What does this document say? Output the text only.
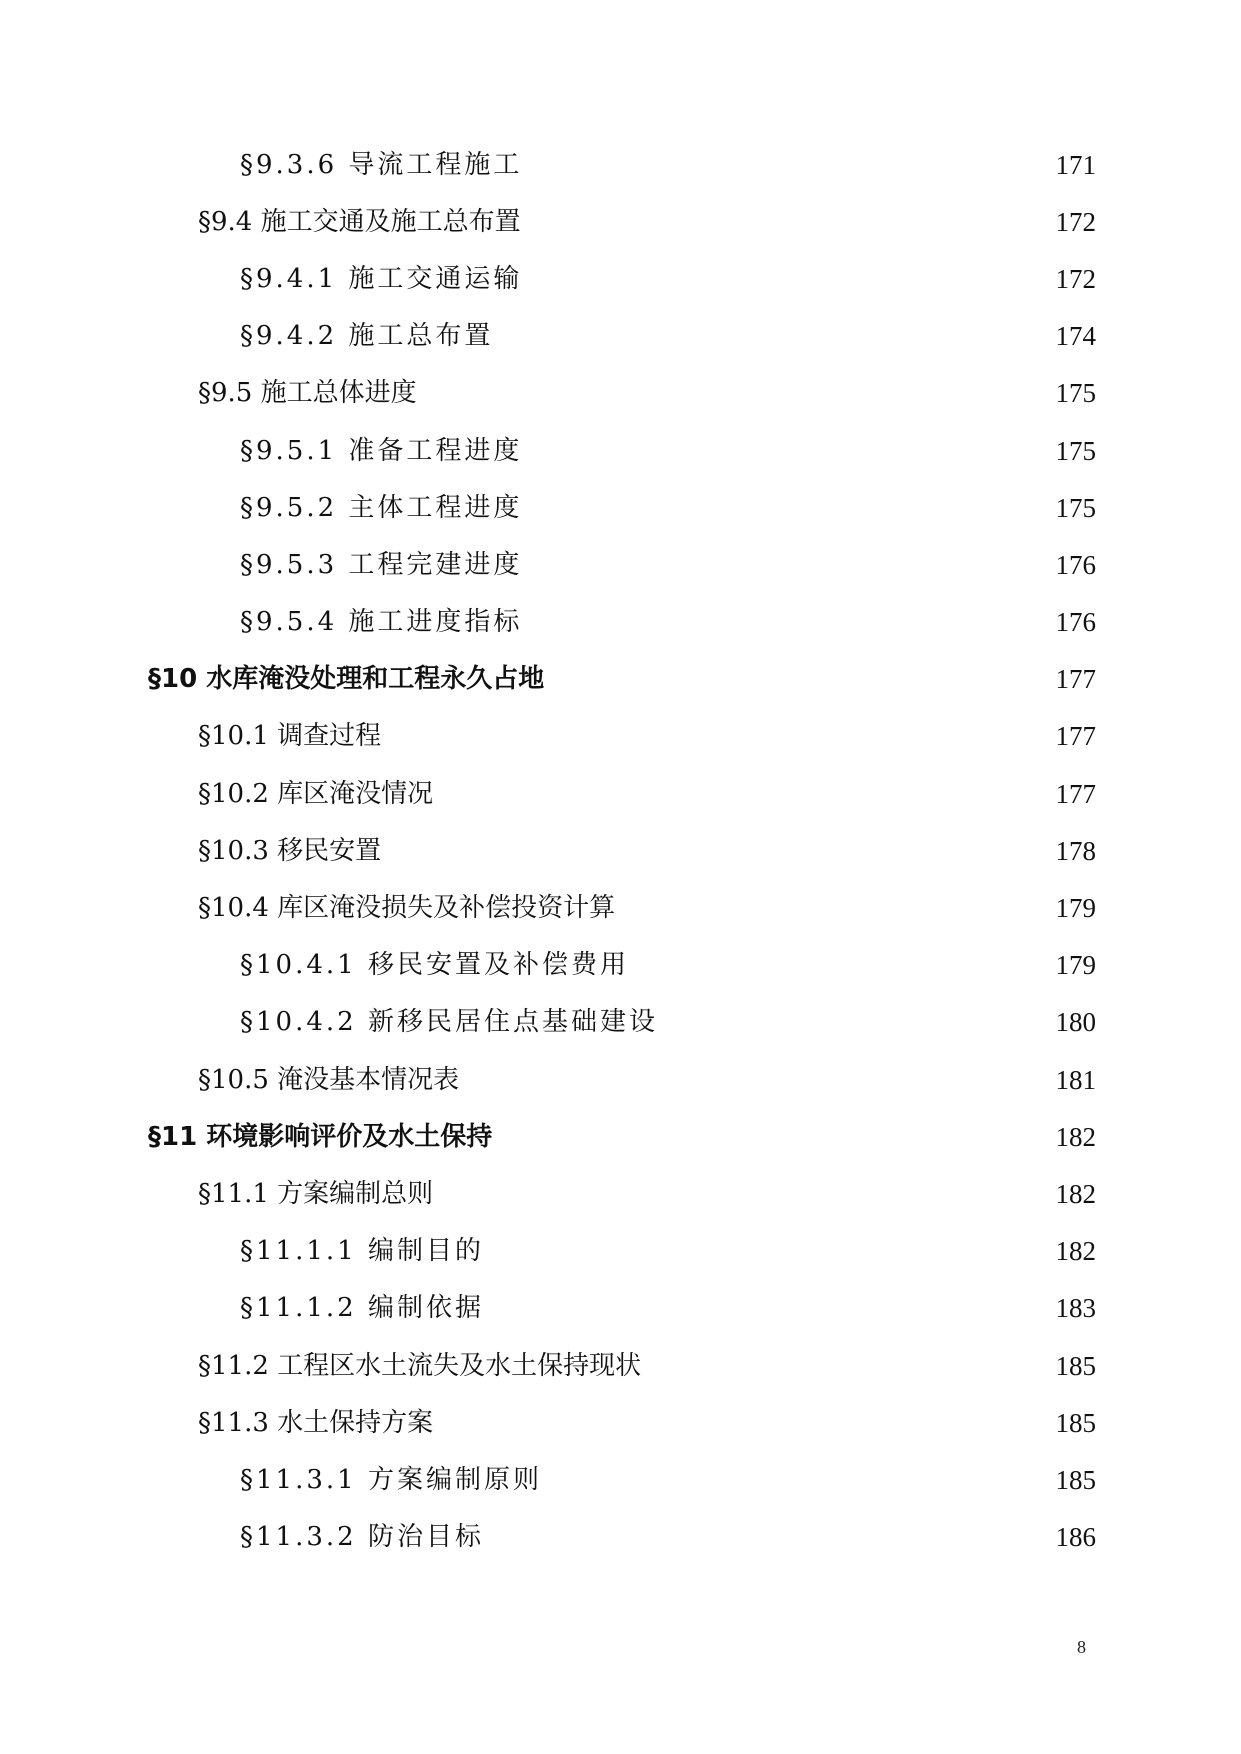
§9.3.6 导流工程施工	171
§9.4 施工交通及施工总布置	172
§9.4.1 施工交通运输	172
§9.4.2 施工总布置	174
§9.5 施工总体进度	175
§9.5.1 准备工程进度	175
§9.5.2 主体工程进度	175
§9.5.3 工程完建进度	176
§9.5.4 施工进度指标	176
§10 水库淹没处理和工程永久占地	177
§10.1 调查过程	177
§10.2 库区淹没情况	177
§10.3 移民安置	178
§10.4 库区淹没损失及补偿投资计算	179
§10.4.1 移民安置及补偿费用	179
§10.4.2 新移民居住点基础建设	180
§10.5 淹没基本情况表	181
§11 环境影响评价及水土保持	182
§11.1 方案编制总则	182
§11.1.1 编制目的	182
§11.1.2 编制依据	183
§11.2 工程区水土流失及水土保持现状	185
§11.3 水土保持方案	185
§11.3.1 方案编制原则	185
§11.3.2 防治目标	186
8
